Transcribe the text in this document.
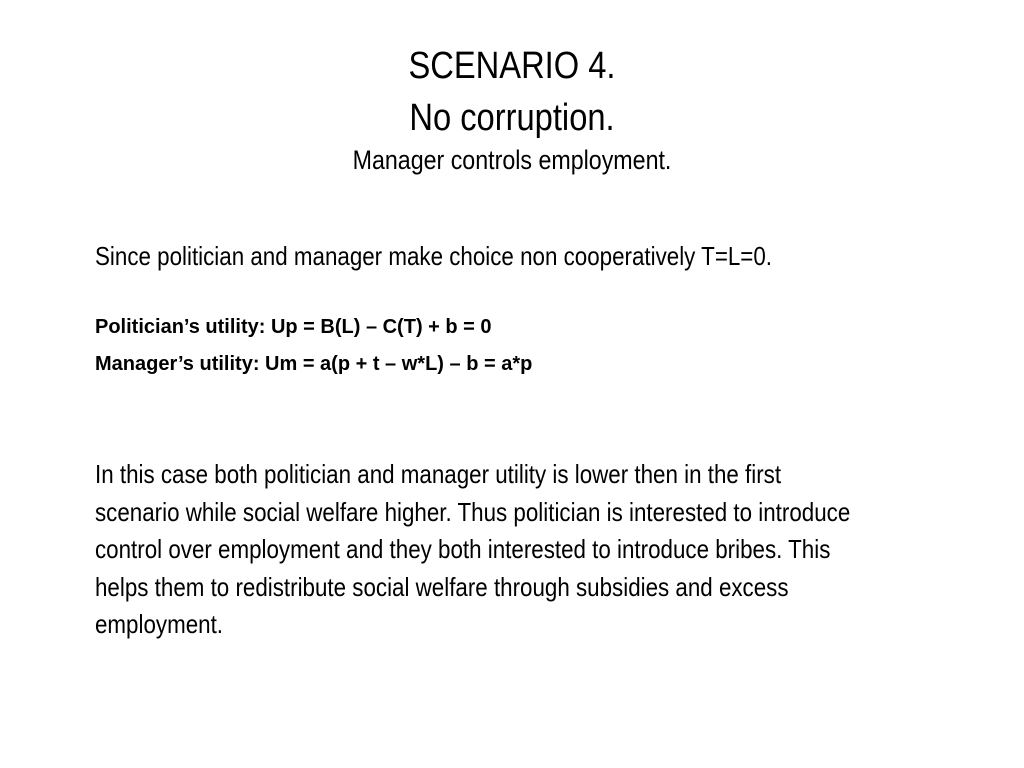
SCENARIO 4.
No corruption.
Manager controls employment.
Since politician and manager make choice non cooperatively T=L=0.
Politician’s utility: Up = B(L) – C(T) + b = 0
Manager’s utility: Um = a(p + t – w*L) – b = a*p
In this case both politician and manager utility is lower then in the first
scenario while social welfare higher. Thus politician is interested to introduce
control over employment and they both interested to introduce bribes. This
helps them to redistribute social welfare through subsidies and excess
employment.
